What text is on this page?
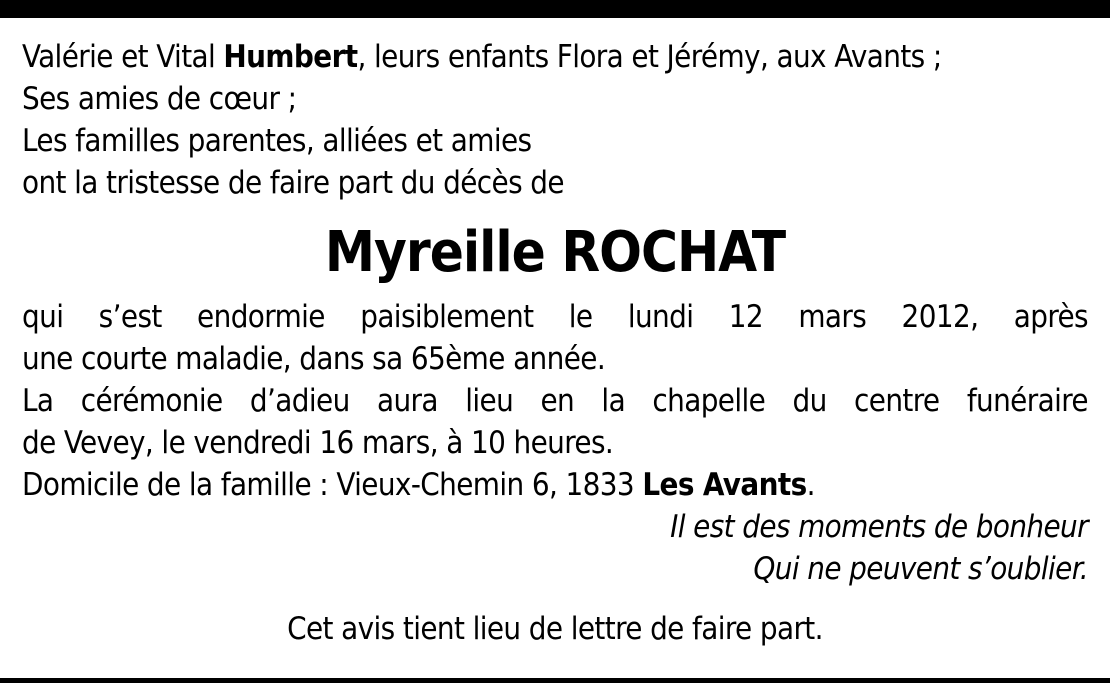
Valérie et Vital Humbert, leurs enfants Flora et Jérémy, aux Avants ;

Ses amies de cœur ;

Les familles parentes, alliées et amies

ont la tristesse de faire part du décès de

Myreille ROCHAT

qui s’est endormie paisiblement le lundi 12 mars 2012, après

une courte maladie, dans sa 65ème année.

La cérémonie d’adieu aura lieu en la chapelle du centre funéraire

de Vevey, le vendredi 16 mars, à 10 heures.

Domicile de la famille : Vieux-Chemin 6, 1833 Les Avants.

Il est des moments de bonheur

Qui ne peuvent s’oublier.

Cet avis tient lieu de lettre de faire part.
